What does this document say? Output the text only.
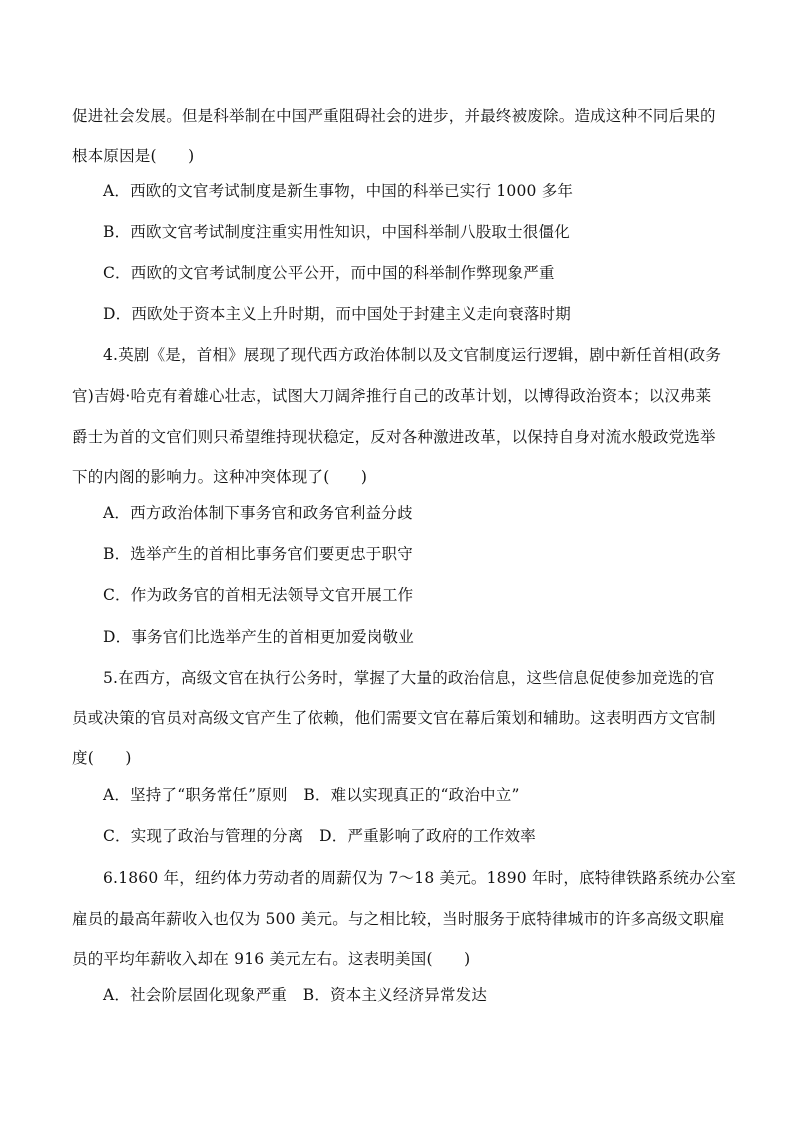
促进社会发展。但是科举制在中国严重阻碍社会的进步，并最终被废除。造成这种不同后果的
根本原因是(　　)
A．西欧的文官考试制度是新生事物，中国的科举已实行 1000 多年
B．西欧文官考试制度注重实用性知识，中国科举制八股取士很僵化
C．西欧的文官考试制度公平公开，而中国的科举制作弊现象严重
D．西欧处于资本主义上升时期，而中国处于封建主义走向衰落时期
4.英剧《是，首相》展现了现代西方政治体制以及文官制度运行逻辑，剧中新任首相(政务
官)吉姆·哈克有着雄心壮志，试图大刀阔斧推行自己的改革计划，以博得政治资本；以汉弗莱
爵士为首的文官们则只希望维持现状稳定，反对各种激进改革，以保持自身对流水般政党选举
下的内阁的影响力。这种冲突体现了(　　)
A．西方政治体制下事务官和政务官利益分歧
B．选举产生的首相比事务官们要更忠于职守
C．作为政务官的首相无法领导文官开展工作
D．事务官们比选举产生的首相更加爱岗敬业
5.在西方，高级文官在执行公务时，掌握了大量的政治信息，这些信息促使参加竞选的官
员或决策的官员对高级文官产生了依赖，他们需要文官在幕后策划和辅助。这表明西方文官制
度(　　)
A．坚持了“职务常任”原则　B．难以实现真正的“政治中立”
C．实现了政治与管理的分离　D．严重影响了政府的工作效率
6.1860 年，纽约体力劳动者的周薪仅为 7～18 美元。1890 年时，底特律铁路系统办公室
雇员的最高年薪收入也仅为 500 美元。与之相比较，当时服务于底特律城市的许多高级文职雇
员的平均年薪收入却在 916 美元左右。这表明美国(　　)
A．社会阶层固化现象严重　B．资本主义经济异常发达
